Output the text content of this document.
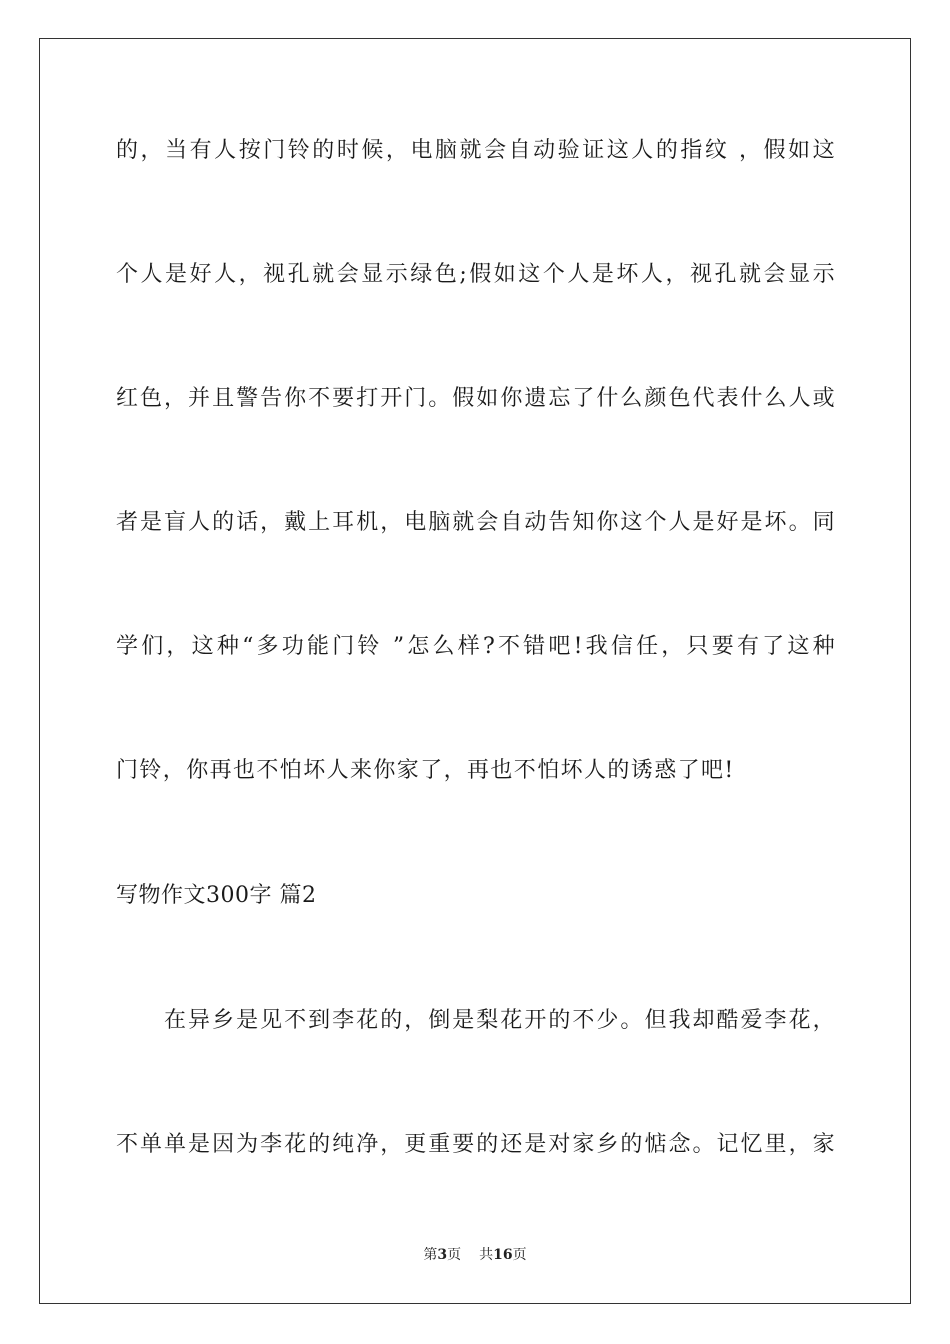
的，当有人按门铃的时候，电脑就会自动验证这人的指纹 ，假如这
个人是好人，视孔就会显示绿色;假如这个人是坏人，视孔就会显示
红色，并且警告你不要打开门。假如你遗忘了什么颜色代表什么人或
者是盲人的话，戴上耳机，电脑就会自动告知你这个人是好是坏。同
学们，这种“多功能门铃 ”怎么样?不错吧!我信任，只要有了这种
门铃，你再也不怕坏人来你家了，再也不怕坏人的诱惑了吧!
写物作文300字 篇2
在异乡是见不到李花的，倒是梨花开的不少。但我却酷爱李花，
不单单是因为李花的纯净，更重要的还是对家乡的惦念。记忆里，家
第3页 共16页
